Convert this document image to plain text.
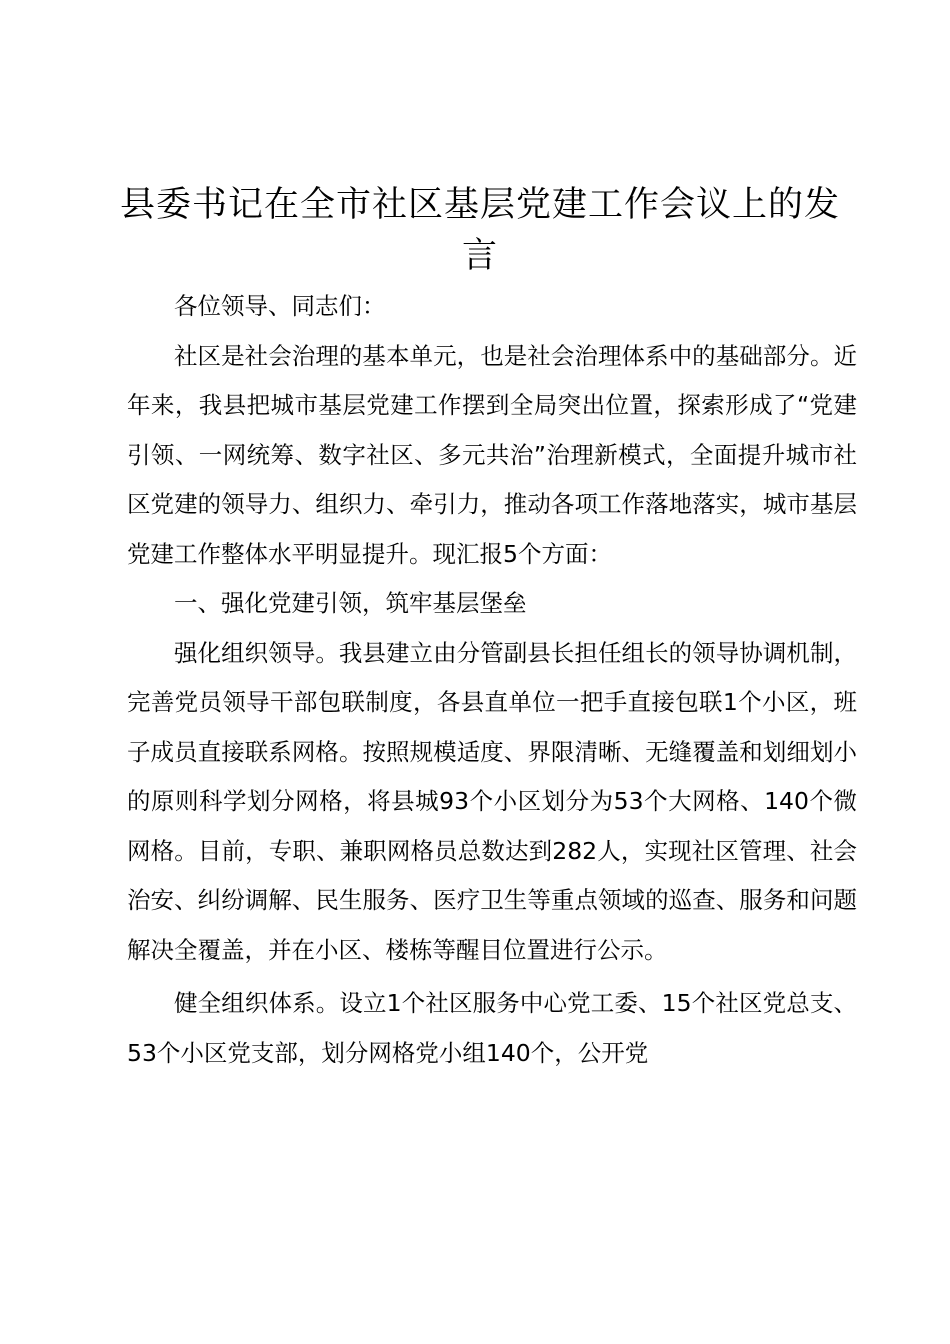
县委书记在全市社区基层党建工作会议上的发言

各位领导、同志们：

社区是社会治理的基本单元，也是社会治理体系中的基础部分。近年来，我县把城市基层党建工作摆到全局突出位置，探索形成了“党建引领、一网统筹、数字社区、多元共治”治理新模式，全面提升城市社区党建的领导力、组织力、牵引力，推动各项工作落地落实，城市基层党建工作整体水平明显提升。现汇报5个方面：

一、强化党建引领，筑牢基层堡垒

强化组织领导。我县建立由分管副县长担任组长的领导协调机制，完善党员领导干部包联制度，各县直单位一把手直接包联1个小区，班子成员直接联系网格。按照规模适度、界限清晰、无缝覆盖和划细划小的原则科学划分网格，将县城93个小区划分为53个大网格、140个微网格。目前，专职、兼职网格员总数达到282人，实现社区管理、社会治安、纠纷调解、民生服务、医疗卫生等重点领域的巡查、服务和问题解决全覆盖，并在小区、楼栋等醒目位置进行公示。

健全组织体系。设立1个社区服务中心党工委、15个社区党总支、53个小区党支部，划分网格党小组140个，公开党
